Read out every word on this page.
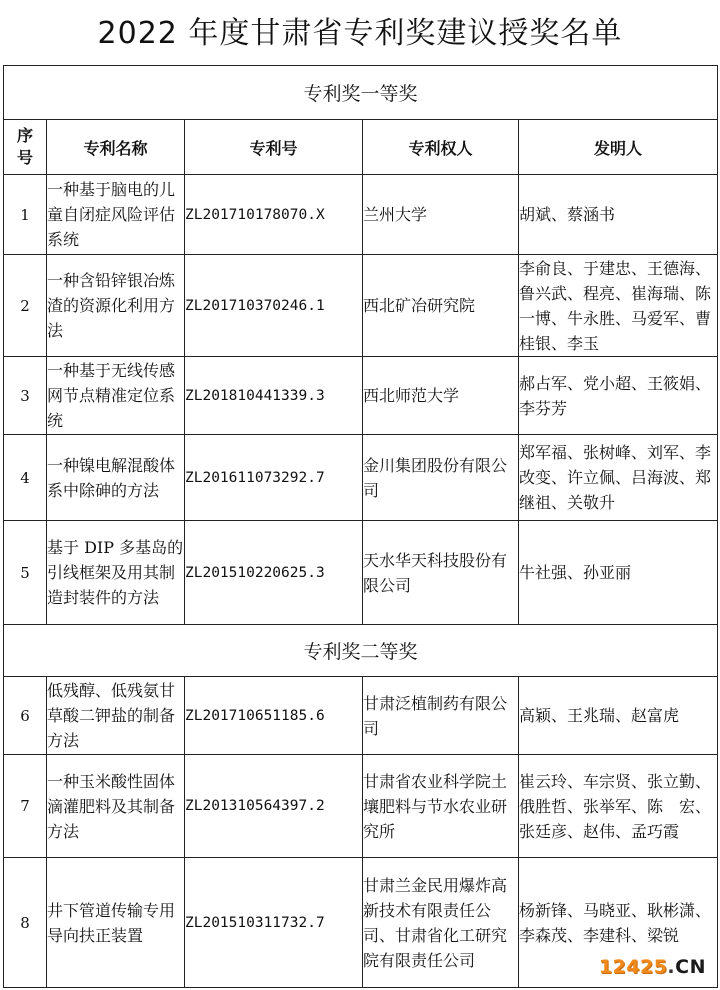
2022 年度甘肃省专利奖建议授奖名单
专利奖一等奖				
序号	专利名称	专利号	专利权人	发明人
1	一种基于脑电的儿童自闭症风险评估系统	ZL201710178070.X	兰州大学	胡斌、蔡涵书
2	一种含铅锌银冶炼渣的资源化利用方法	ZL201710370246.1	西北矿冶研究院	李俞良、于建忠、王德海、鲁兴武、程亮、崔海瑞、陈一博、牛永胜、马爱军、曹桂银、李玉
3	一种基于无线传感网节点精准定位系统	ZL201810441339.3	西北师范大学	郝占军、党小超、王筱娟、李芬芳
4	一种镍电解混酸体系中除砷的方法	ZL201611073292.7	金川集团股份有限公司	郑军福、张树峰、刘军、李改变、许立佩、吕海波、郑继祖、关敬升
5	基于 DIP 多基岛的引线框架及用其制造封装件的方法	ZL201510220625.3	天水华天科技股份有限公司	牛社强、孙亚丽
专利奖二等奖				
6	低残醇、低残氨甘草酸二钾盐的制备方法	ZL201710651185.6	甘肃泛植制药有限公司	高颖、王兆瑞、赵富虎
7	一种玉米酸性固体滴灌肥料及其制备方法	ZL201310564397.2	甘肃省农业科学院土壤肥料与节水农业研究所	崔云玲、车宗贤、张立勤、俄胜哲、张举军、陈　宏、张廷彦、赵伟、孟巧霞
8	井下管道传输专用导向扶正装置	ZL201510311732.7	甘肃兰金民用爆炸高新技术有限责任公司、甘肃省化工研究院有限责任公司	杨新锋、马晓亚、耿彬潇、李森茂、李建科、梁锐
12425.CN
